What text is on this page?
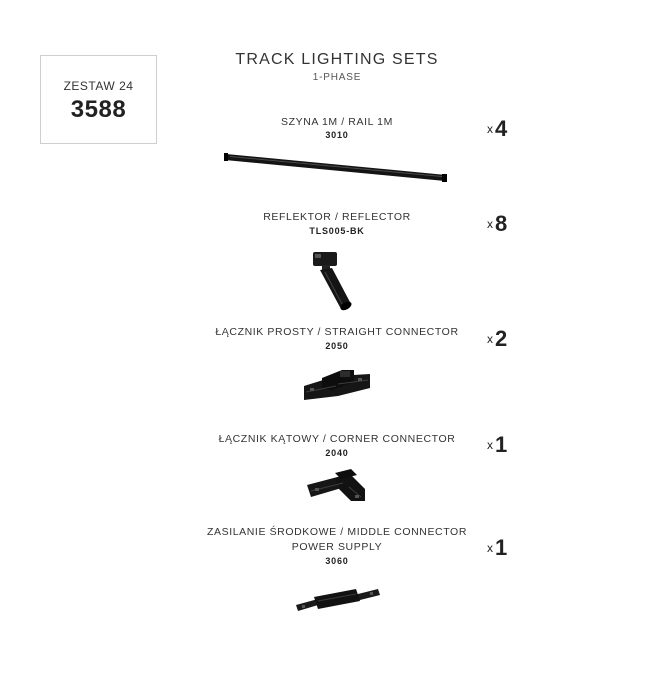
ZESTAW 24
3588
TRACK LIGHTING SETS
1-PHASE
SZYNA 1M / RAIL 1M
3010	x4
REFLEKTOR / REFLECTOR
TLS005-BK	x8
ŁĄCZNIK PROSTY / STRAIGHT CONNECTOR
2050	x2
ŁĄCZNIK KĄTOWY / CORNER CONNECTOR
2040
x1
ZASILANIE ŚRODKOWE / MIDDLE CONNECTOR
POWER SUPPLY
3060
x1
